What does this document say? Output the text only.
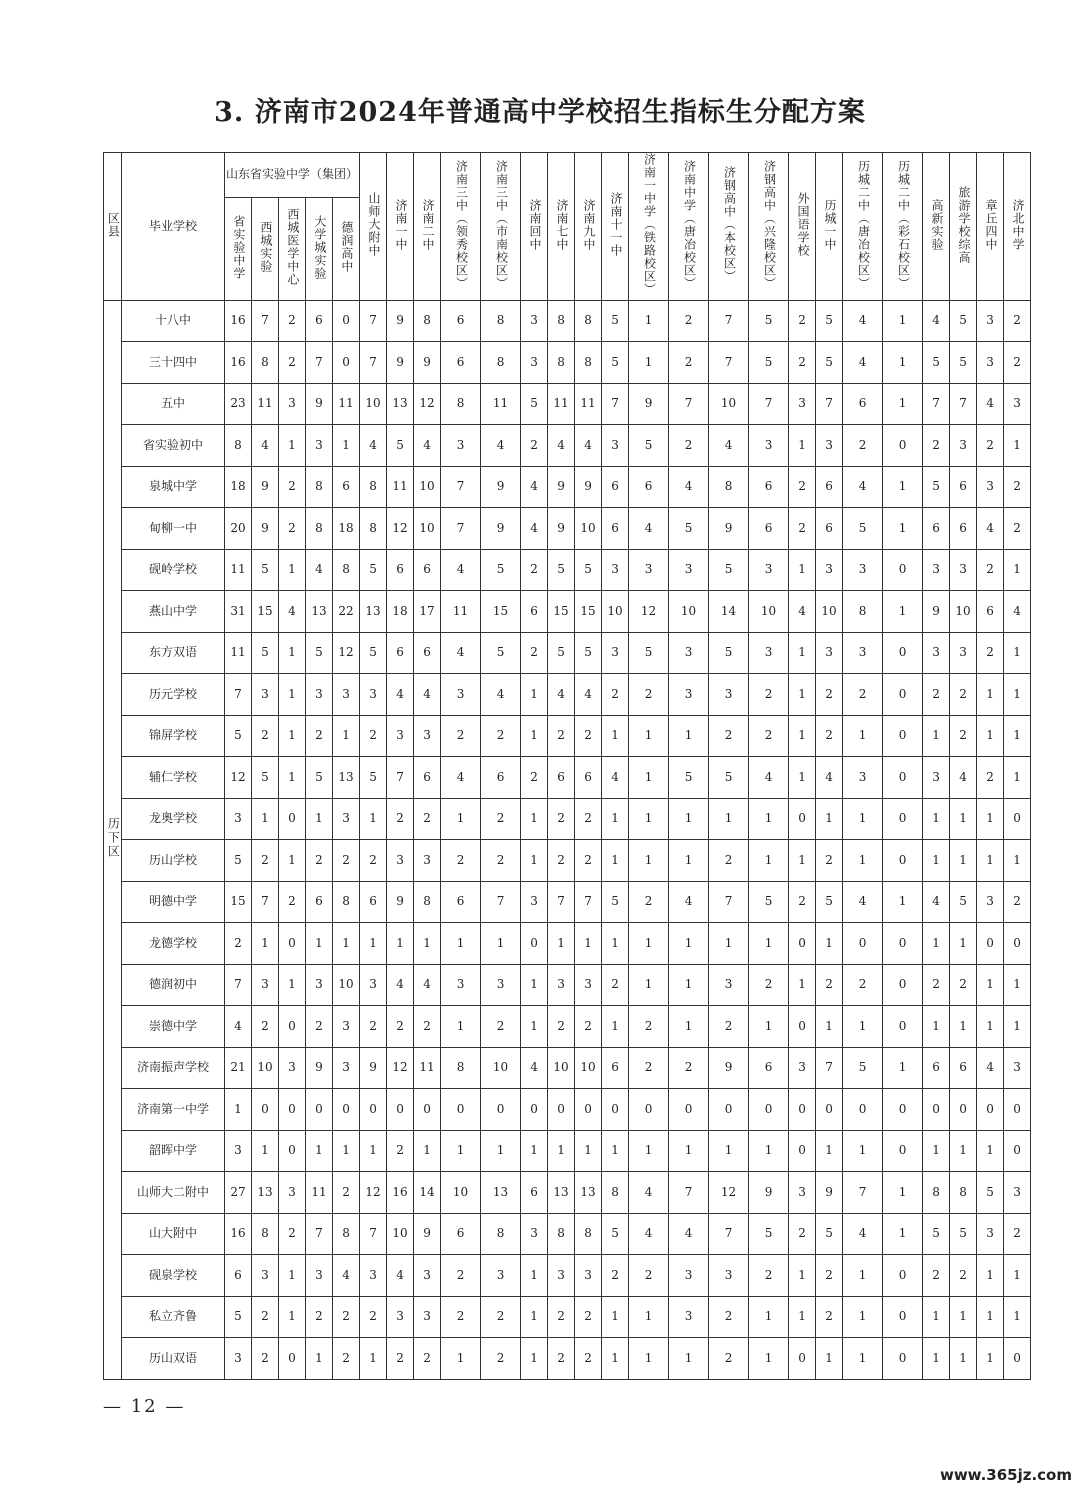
3. 济南市2024年普通高中学校招生指标生分配方案
区县	毕业学校	山东省实验中学（集团）					山师大附中	济南一中	济南二中	济南三中（领秀校区）	济南三中（市南校区）	济南回中	济南七中	济南九中	济南十一中	济南一中学（铁路校区）	济南中学（唐冶校区）	济钢高中（本校区）	济钢高中（兴隆校区）	外国语学校	历城一中	历城二中（唐冶校区）	历城二中（彩石校区）	高新实验	旅游学校综高	章丘四中	济北中学
		省实验中学	西城实验	西城医学中心	大学城实验	德润高中																					
历下区	十八中	16	7	2	6	0	7	9	8	6	8	3	8	8	5	1	2	7	5	2	5	4	1	4	5	3	2
	三十四中	16	8	2	7	0	7	9	9	6	8	3	8	8	5	1	2	7	5	2	5	4	1	5	5	3	2
	五中	23	11	3	9	11	10	13	12	8	11	5	11	11	7	9	7	10	7	3	7	6	1	7	7	4	3
	省实验初中	8	4	1	3	1	4	5	4	3	4	2	4	4	3	5	2	4	3	1	3	2	0	2	3	2	1
	泉城中学	18	9	2	8	6	8	11	10	7	9	4	9	9	6	6	4	8	6	2	6	4	1	5	6	3	2
	甸柳一中	20	9	2	8	18	8	12	10	7	9	4	9	10	6	4	5	9	6	2	6	5	1	6	6	4	2
	砚岭学校	11	5	1	4	8	5	6	6	4	5	2	5	5	3	3	3	5	3	1	3	3	0	3	3	2	1
	燕山中学	31	15	4	13	22	13	18	17	11	15	6	15	15	10	12	10	14	10	4	10	8	1	9	10	6	4
	东方双语	11	5	1	5	12	5	6	6	4	5	2	5	5	3	5	3	5	3	1	3	3	0	3	3	2	1
	历元学校	7	3	1	3	3	3	4	4	3	4	1	4	4	2	2	3	3	2	1	2	2	0	2	2	1	1
	锦屏学校	5	2	1	2	1	2	3	3	2	2	1	2	2	1	1	1	2	2	1	2	1	0	1	2	1	1
	辅仁学校	12	5	1	5	13	5	7	6	4	6	2	6	6	4	1	5	5	4	1	4	3	0	3	4	2	1
	龙奥学校	3	1	0	1	3	1	2	2	1	2	1	2	2	1	1	1	1	1	0	1	1	0	1	1	1	0
	历山学校	5	2	1	2	2	2	3	3	2	2	1	2	2	1	1	1	2	1	1	2	1	0	1	1	1	1
	明德中学	15	7	2	6	8	6	9	8	6	7	3	7	7	5	2	4	7	5	2	5	4	1	4	5	3	2
	龙德学校	2	1	0	1	1	1	1	1	1	1	0	1	1	1	1	1	1	1	0	1	0	0	1	1	0	0
	德润初中	7	3	1	3	10	3	4	4	3	3	1	3	3	2	1	1	3	2	1	2	2	0	2	2	1	1
	崇德中学	4	2	0	2	3	2	2	2	1	2	1	2	2	1	2	1	2	1	0	1	1	0	1	1	1	1
	济南振声学校	21	10	3	9	3	9	12	11	8	10	4	10	10	6	2	2	9	6	3	7	5	1	6	6	4	3
	济南第一中学	1	0	0	0	0	0	0	0	0	0	0	0	0	0	0	0	0	0	0	0	0	0	0	0	0	0
	韶晖中学	3	1	0	1	1	1	2	1	1	1	1	1	1	1	1	1	1	1	0	1	1	0	1	1	1	0
	山师大二附中	27	13	3	11	2	12	16	14	10	13	6	13	13	8	4	7	12	9	3	9	7	1	8	8	5	3
	山大附中	16	8	2	7	8	7	10	9	6	8	3	8	8	5	4	4	7	5	2	5	4	1	5	5	3	2
	砚泉学校	6	3	1	3	4	3	4	3	2	3	1	3	3	2	2	3	3	2	1	2	1	0	2	2	1	1
	私立齐鲁	5	2	1	2	2	2	3	3	2	2	1	2	2	1	1	3	2	1	1	2	1	0	1	1	1	1
	历山双语	3	2	0	1	2	1	2	2	1	2	1	2	2	1	1	1	2	1	0	1	1	0	1	1	1	0
— 12 —
www.365jz.com
